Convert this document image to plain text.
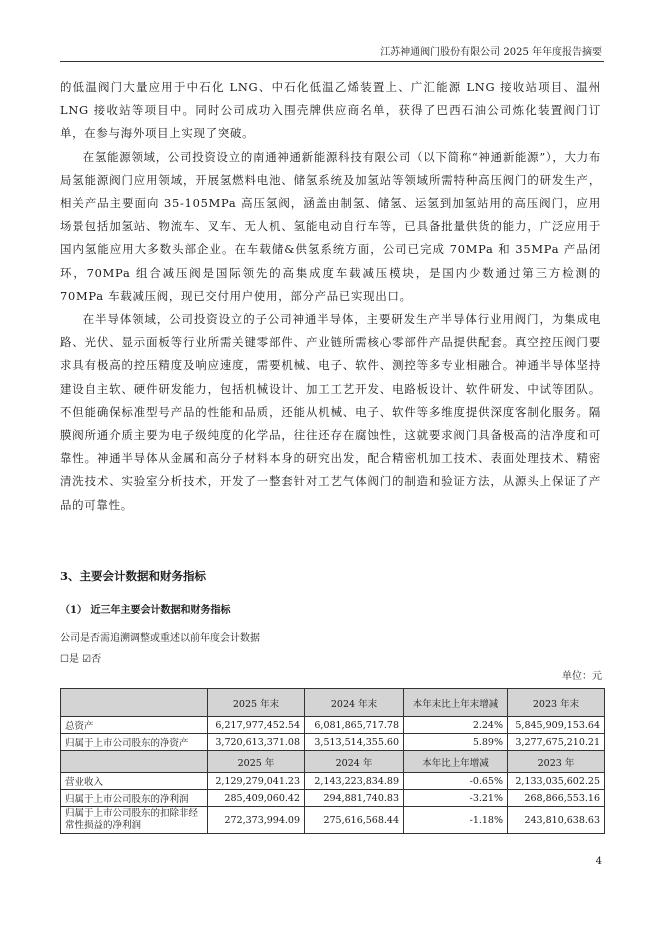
江苏神通阀门股份有限公司 2025 年年度报告摘要

的低温阀门大量应用于中石化 LNG、中石化低温乙烯装置上、广汇能源 LNG 接收站项目、温州 LNG 接收站等项目中。同时公司成功入围壳牌供应商名单，获得了巴西石油公司炼化装置阀门订单，在参与海外项目上实现了突破。

在氢能源领域，公司投资设立的南通神通新能源科技有限公司（以下简称“神通新能源”），大力布局氢能源阀门应用领域，开展氢燃料电池、储氢系统及加氢站等领域所需特种高压阀门的研发生产，相关产品主要面向 35-105MPa 高压氢阀，涵盖由制氢、储氢、运氢到加氢站用的高压阀门，应用场景包括加氢站、物流车、叉车、无人机、氢能电动自行车等，已具备批量供货的能力，广泛应用于国内氢能应用大多数头部企业。在车载储&供氢系统方面，公司已完成 70MPa 和 35MPa 产品闭环，70MPa 组合减压阀是国际领先的高集成度车载减压模块，是国内少数通过第三方检测的 70MPa 车载减压阀，现已交付用户使用，部分产品已实现出口。

在半导体领域，公司投资设立的子公司神通半导体，主要研发生产半导体行业用阀门，为集成电路、光伏、显示面板等行业所需关键零部件、产业链所需核心零部件产品提供配套。真空控压阀门要求具有极高的控压精度及响应速度，需要机械、电子、软件、测控等多专业相融合。神通半导体坚持建设自主软、硬件研发能力，包括机械设计、加工工艺开发、电路板设计、软件研发、中试等团队。不但能确保标准型号产品的性能和品质，还能从机械、电子、软件等多维度提供深度客制化服务。隔膜阀所通介质主要为电子级纯度的化学品，往往还存在腐蚀性，这就要求阀门具备极高的洁净度和可靠性。神通半导体从金属和高分子材料本身的研究出发，配合精密机加工技术、表面处理技术、精密清洗技术、实验室分析技术，开发了一整套针对工艺气体阀门的制造和验证方法，从源头上保证了产品的可靠性。

3、主要会计数据和财务指标
（1） 近三年主要会计数据和财务指标
公司是否需追溯调整或重述以前年度会计数据
☐是 ☑否
单位：元
	2025 年末	2024 年末	本年末比上年末增减	2023 年末
总资产	6,217,977,452.54	6,081,865,717.78	2.24%	5,845,909,153.64
归属于上市公司股东的净资产	3,720,613,371.08	3,513,514,355.60	5.89%	3,277,675,210.21
	2025 年	2024 年	本年比上年增减	2023 年
营业收入	2,129,279,041.23	2,143,223,834.89	-0.65%	2,133,035,602.25
归属于上市公司股东的净利润	285,409,060.42	294,881,740.83	-3.21%	268,866,553.16
归属于上市公司股东的扣除非经常性损益的净利润	272,373,994.09	275,616,568.44	-1.18%	243,810,638.63
4
